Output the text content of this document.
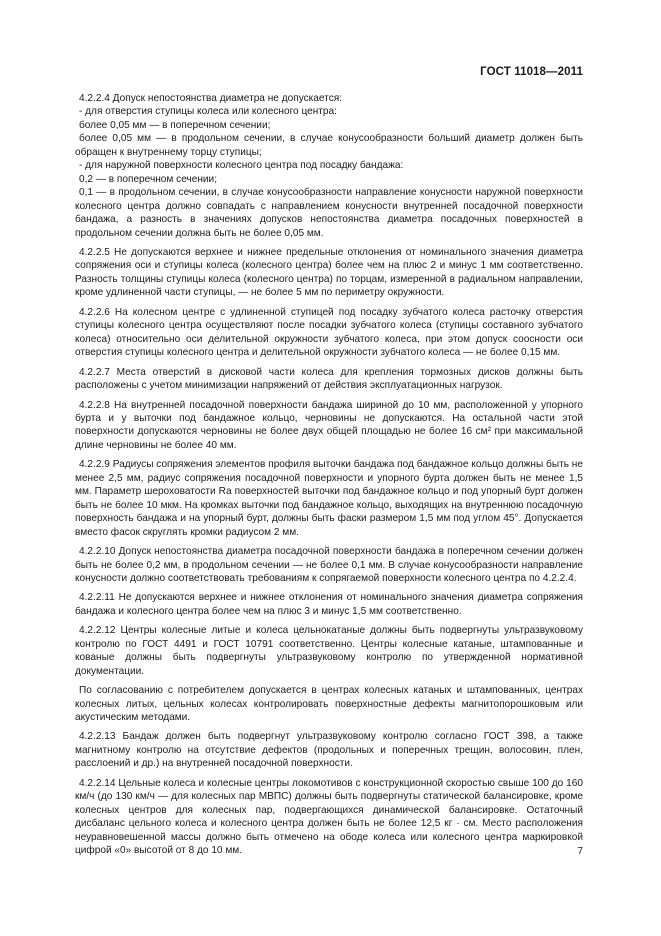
ГОСТ 11018—2011

4.2.2.4 Допуск непостоянства диаметра не допускается:

- для отверстия ступицы колеса или колесного центра:

более 0,05 мм — в поперечном сечении;

более 0,05 мм — в продольном сечении, в случае конусообразности больший диаметр должен быть обращен к внутреннему торцу ступицы;

- для наружной поверхности колесного центра под посадку бандажа:

0,2 — в поперечном сечении;

0,1 — в продольном сечении, в случае конусообразности направление конусности наружной поверхности колесного центра должно совпадать с направлением конусности внутренней посадочной поверхности бандажа, а разность в значениях допусков непостоянства диаметра посадочных поверхностей в продольном сечении должна быть не более 0,05 мм.

4.2.2.5 Не допускаются верхнее и нижнее предельные отклонения от номинального значения диаметра сопряжения оси и ступицы колеса (колесного центра) более чем на плюс 2 и минус 1 мм соответственно. Разность толщины ступицы колеса (колесного центра) по торцам, измеренной в радиальном направлении, кроме удлиненной части ступицы, — не более 5 мм по периметру окружности.

4.2.2.6 На колесном центре с удлиненной ступицей под посадку зубчатого колеса расточку отверстия ступицы колесного центра осуществляют после посадки зубчатого колеса (ступицы составного зубчатого колеса) относительно оси делительной окружности зубчатого колеса, при этом допуск соосности оси отверстия ступицы колесного центра и делительной окружности зубчатого колеса — не более 0,15 мм.

4.2.2.7 Места отверстий в дисковой части колеса для крепления тормозных дисков должны быть расположены с учетом минимизации напряжений от действия эксплуатационных нагрузок.

4.2.2.8 На внутренней посадочной поверхности бандажа шириной до 10 мм, расположенной у упорного бурта и у выточки под бандажное кольцо, черновины не допускаются. На остальной части этой поверхности допускаются черновины не более двух общей площадью не более 16 см² при максимальной длине черновины не более 40 мм.

4.2.2.9 Радиусы сопряжения элементов профиля выточки бандажа под бандажное кольцо должны быть не менее 2,5 мм, радиус сопряжения посадочной поверхности и упорного бурта должен быть не менее 1,5 мм. Параметр шероховатости Ra поверхностей выточки под бандажное кольцо и под упорный бурт должен быть не более 10 мкм. На кромках выточки под бандажное кольцо, выходящих на внутреннюю посадочную поверхность бандажа и на упорный бурт, должны быть фаски размером 1,5 мм под углом 45°. Допускается вместо фасок скруглять кромки радиусом 2 мм.

4.2.2.10 Допуск непостоянства диаметра посадочной поверхности бандажа в поперечном сечении должен быть не более 0,2 мм, в продольном сечении — не более 0,1 мм. В случае конусообразности направление конусности должно соответствовать требованиям к сопрягаемой поверхности колесного центра по 4.2.2.4.

4.2.2.11 Не допускаются верхнее и нижнее отклонения от номинального значения диаметра сопряжения бандажа и колесного центра более чем на плюс 3 и минус 1,5 мм соответственно.

4.2.2.12 Центры колесные литые и колеса цельнокатаные должны быть подвергнуты ультразвуковому контролю по ГОСТ 4491 и ГОСТ 10791 соответственно. Центры колесные катаные, штампованные и кованые должны быть подвергнуты ультразвуковому контролю по утвержденной нормативной документации.

По согласованию с потребителем допускается в центрах колесных катаных и штампованных, центрах колесных литых, цельных колесах контролировать поверхностные дефекты магнитопорошковым или акустическим методами.

4.2.2.13 Бандаж должен быть подвергнут ультразвуковому контролю согласно ГОСТ 398, а также магнитному контролю на отсутствие дефектов (продольных и поперечных трещин, волосовин, плен, расслоений и др.) на внутренней посадочной поверхности.

4.2.2.14 Цельные колеса и колесные центры локомотивов с конструкционной скоростью свыше 100 до 160 км/ч (до 130 км/ч — для колесных пар МВПС) должны быть подвергнуты статической балансировке, кроме колесных центров для колесных пар, подвергающихся динамической балансировке. Остаточный дисбаланс цельного колеса и колесного центра должен быть не более 12,5 кг · см. Место расположения неуравновешенной массы должно быть отмечено на ободе колеса или колесного центра маркировкой цифрой «0» высотой от 8 до 10 мм.	7
